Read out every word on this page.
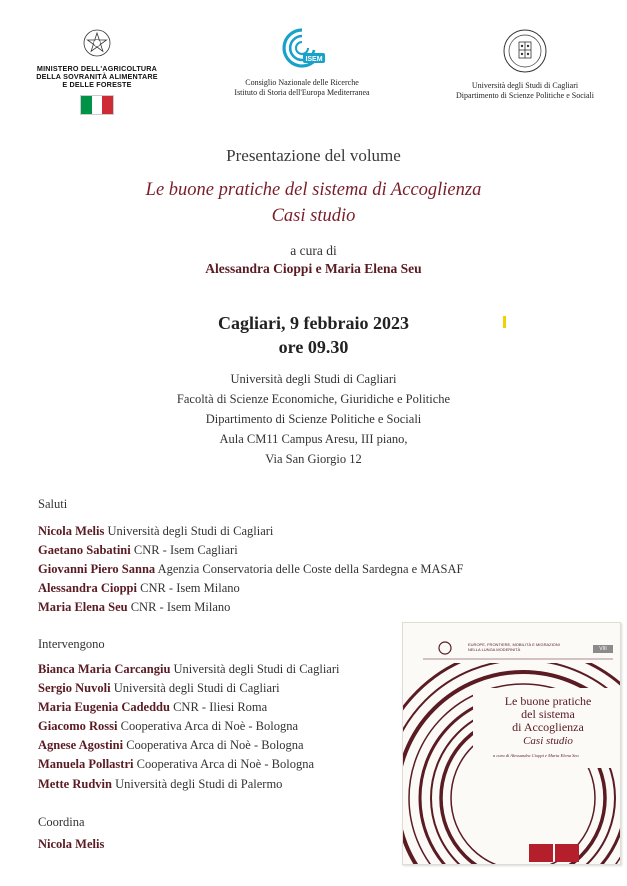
MINISTERO DELL'AGRICOLTURA
DELLA SOVRANITÀ ALIMENTARE
E DELLE FORESTE
ISEM
Consiglio Nazionale delle Ricerche
Istituto di Storia dell'Europa Mediterranea
Università degli Studi di Cagliari
Dipartimento di Scienze Politiche e Sociali
Presentazione del volume
Le buone pratiche del sistema di Accoglienza
Casi studio
a cura di
Alessandra Cioppi e Maria Elena Seu
Cagliari, 9 febbraio 2023
ore 09.30
Università degli Studi di Cagliari
Facoltà di Scienze Economiche, Giuridiche e Politiche
Dipartimento di Scienze Politiche e Sociali
Aula CM11 Campus Aresu, III piano,
Via San Giorgio 12
Saluti
Nicola Melis Università degli Studi di Cagliari
Gaetano Sabatini CNR - Isem Cagliari
Giovanni Piero Sanna Agenzia Conservatoria delle Coste della Sardegna e MASAF
Alessandra Cioppi CNR - Isem Milano
Maria Elena Seu CNR - Isem Milano
Intervengono
Bianca Maria Carcangiu Università degli Studi di Cagliari
Sergio Nuvoli Università degli Studi di Cagliari
Maria Eugenia Cadeddu CNR - Iliesi Roma
Giacomo Rossi Cooperativa Arca di Noè - Bologna
Agnese Agostini Cooperativa Arca di Noè - Bologna
Manuela Pollastri Cooperativa Arca di Noè - Bologna
Mette Rudvin Università degli Studi di Palermo
Coordina
Nicola Melis
EUROPE, FRONTIERE, MOBILITÀ E MIGRAZIONI
NELLA LUNGA MODERNITÀ	VIII
Le buone pratiche
del sistema
di Accoglienza
Casi studio
a cura di Alessandra Cioppi e Maria Elena Seu
